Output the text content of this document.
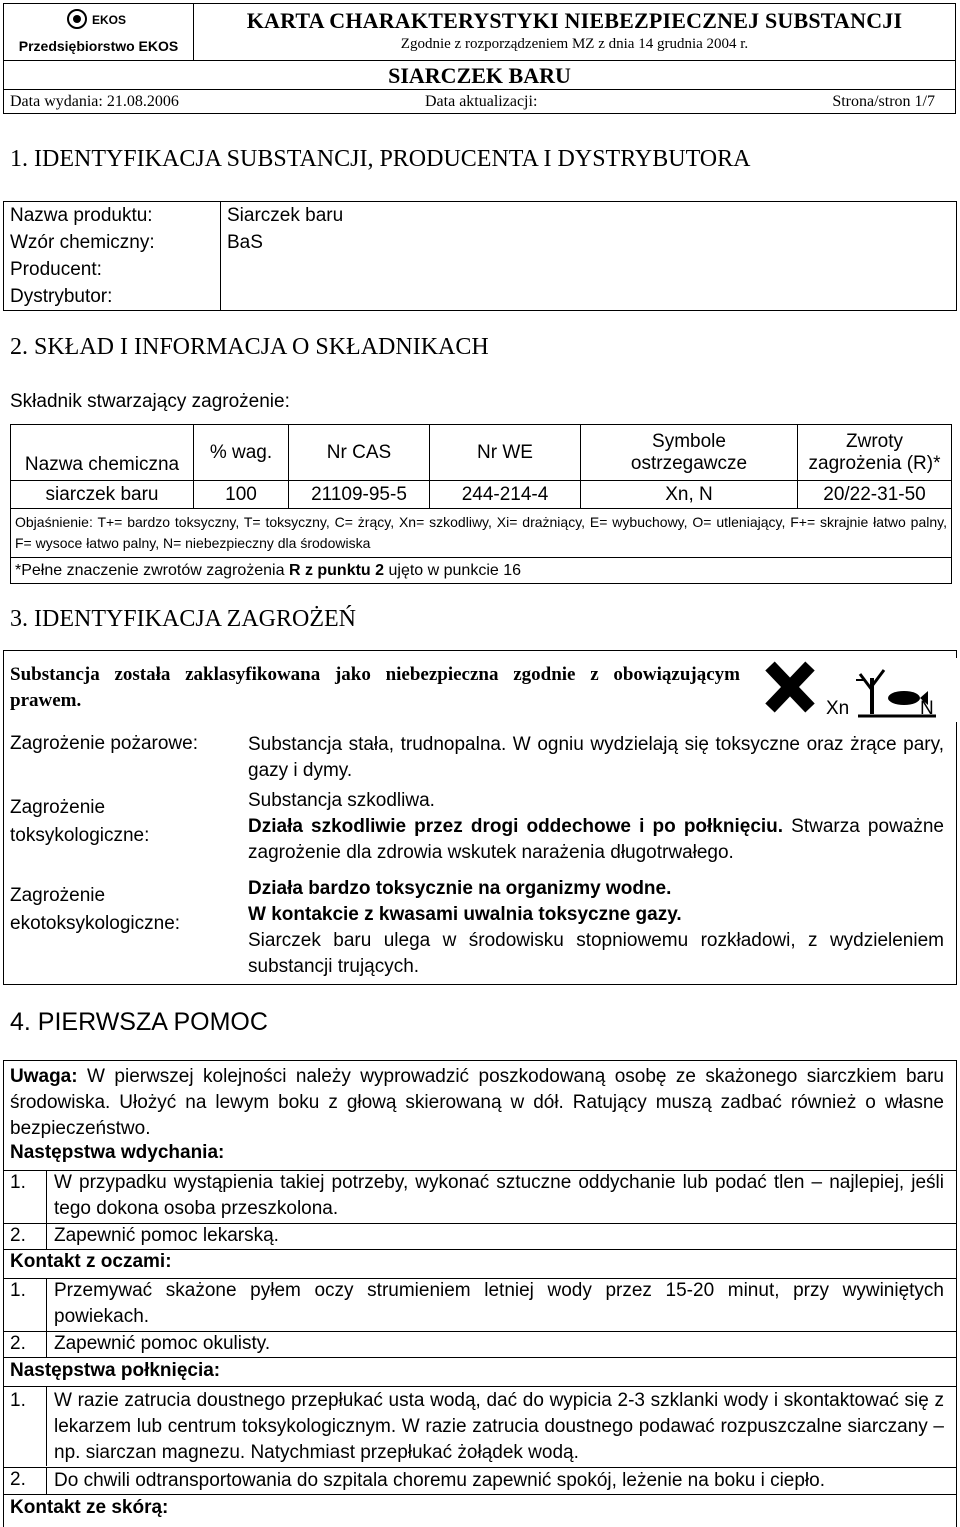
EKOS
Przedsiębiorstwo EKOS
KARTA CHARAKTERYSTYKI NIEBEZPIECZNEJ SUBSTANCJI
Zgodnie z rozporządzeniem MZ z dnia 14 grudnia 2004 r.
SIARCZEK BARU
Data wydania: 21.08.2006	Data aktualizacji:	Strona/stron 1/7
1. IDENTYFIKACJA SUBSTANCJI, PRODUCENTA I DYSTRYBUTORA
Nazwa produktu:	Siarczek baru
Wzór chemiczny:	BaS
Producent:	
Dystrybutor:	
2. SKŁAD I INFORMACJA O SKŁADNIKACH
Składnik stwarzający zagrożenie:
Nazwa chemiczna	% wag.	Nr CAS	Nr WE	Symbole ostrzegawcze	Zwroty zagrożenia (R)*
siarczek baru	100	21109-95-5	244-214-4	Xn, N	20/22-31-50
Objaśnienie: T+= bardzo toksyczny, T= toksyczny, C= żrący, Xn= szkodliwy, Xi= drażniący, E= wybuchowy, O= utleniający, F+= skrajnie łatwo palny, F= wysoce łatwo palny, N= niebezpieczny dla środowiska					
*Pełne znaczenie zwrotów zagrożenia R z punktu 2 ujęto w punkcie 16					
3. IDENTYFIKACJA ZAGROŻEŃ
Substancja została zaklasyfikowana jako niebezpieczna zgodnie z obowiązującym prawem.	Xn	N
Zagrożenie pożarowe:	Substancja stała, trudnopalna. W ogniu wydzielają się toksyczne oraz żrące pary, gazy i dymy.
Zagrożenie
toksykologiczne:
Substancja szkodliwa.
Działa szkodliwie przez drogi oddechowe i po połknięciu. Stwarza poważne zagrożenie dla zdrowia wskutek narażenia długotrwałego.
Zagrożenie
ekotoksykologiczne:
Działa bardzo toksycznie na organizmy wodne.
W kontakcie z kwasami uwalnia toksyczne gazy.
Siarczek baru ulega w środowisku stopniowemu rozkładowi, z wydzieleniem substancji trujących.
4. PIERWSZA POMOC
Uwaga: W pierwszej kolejności należy wyprowadzić poszkodowaną osobę ze skażonego siarczkiem baru środowiska. Ułożyć na lewym boku z głową skierowaną w dół. Ratujący muszą zadbać również o własne bezpieczeństwo.
Następstwa wdychania:
1. W przypadku wystąpienia takiej potrzeby, wykonać sztuczne oddychanie lub podać tlen – najlepiej, jeśli tego dokona osoba przeszkolona.
2. Zapewnić pomoc lekarską.
Kontakt z oczami:
1. Przemywać skażone pyłem oczy strumieniem letniej wody przez 15-20 minut, przy wywiniętych powiekach.
2. Zapewnić pomoc okulisty.
Następstwa połknięcia:
1. W razie zatrucia doustnego przepłukać usta wodą, dać do wypicia 2-3 szklanki wody i skontaktować się z lekarzem lub centrum toksykologicznym. W razie zatrucia doustnego podawać rozpuszczalne siarczany – np. siarczan magnezu. Natychmiast przepłukać żołądek wodą.
2. Do chwili odtransportowania do szpitala choremu zapewnić spokój, leżenie na boku i ciepło.
Kontakt ze skórą:
